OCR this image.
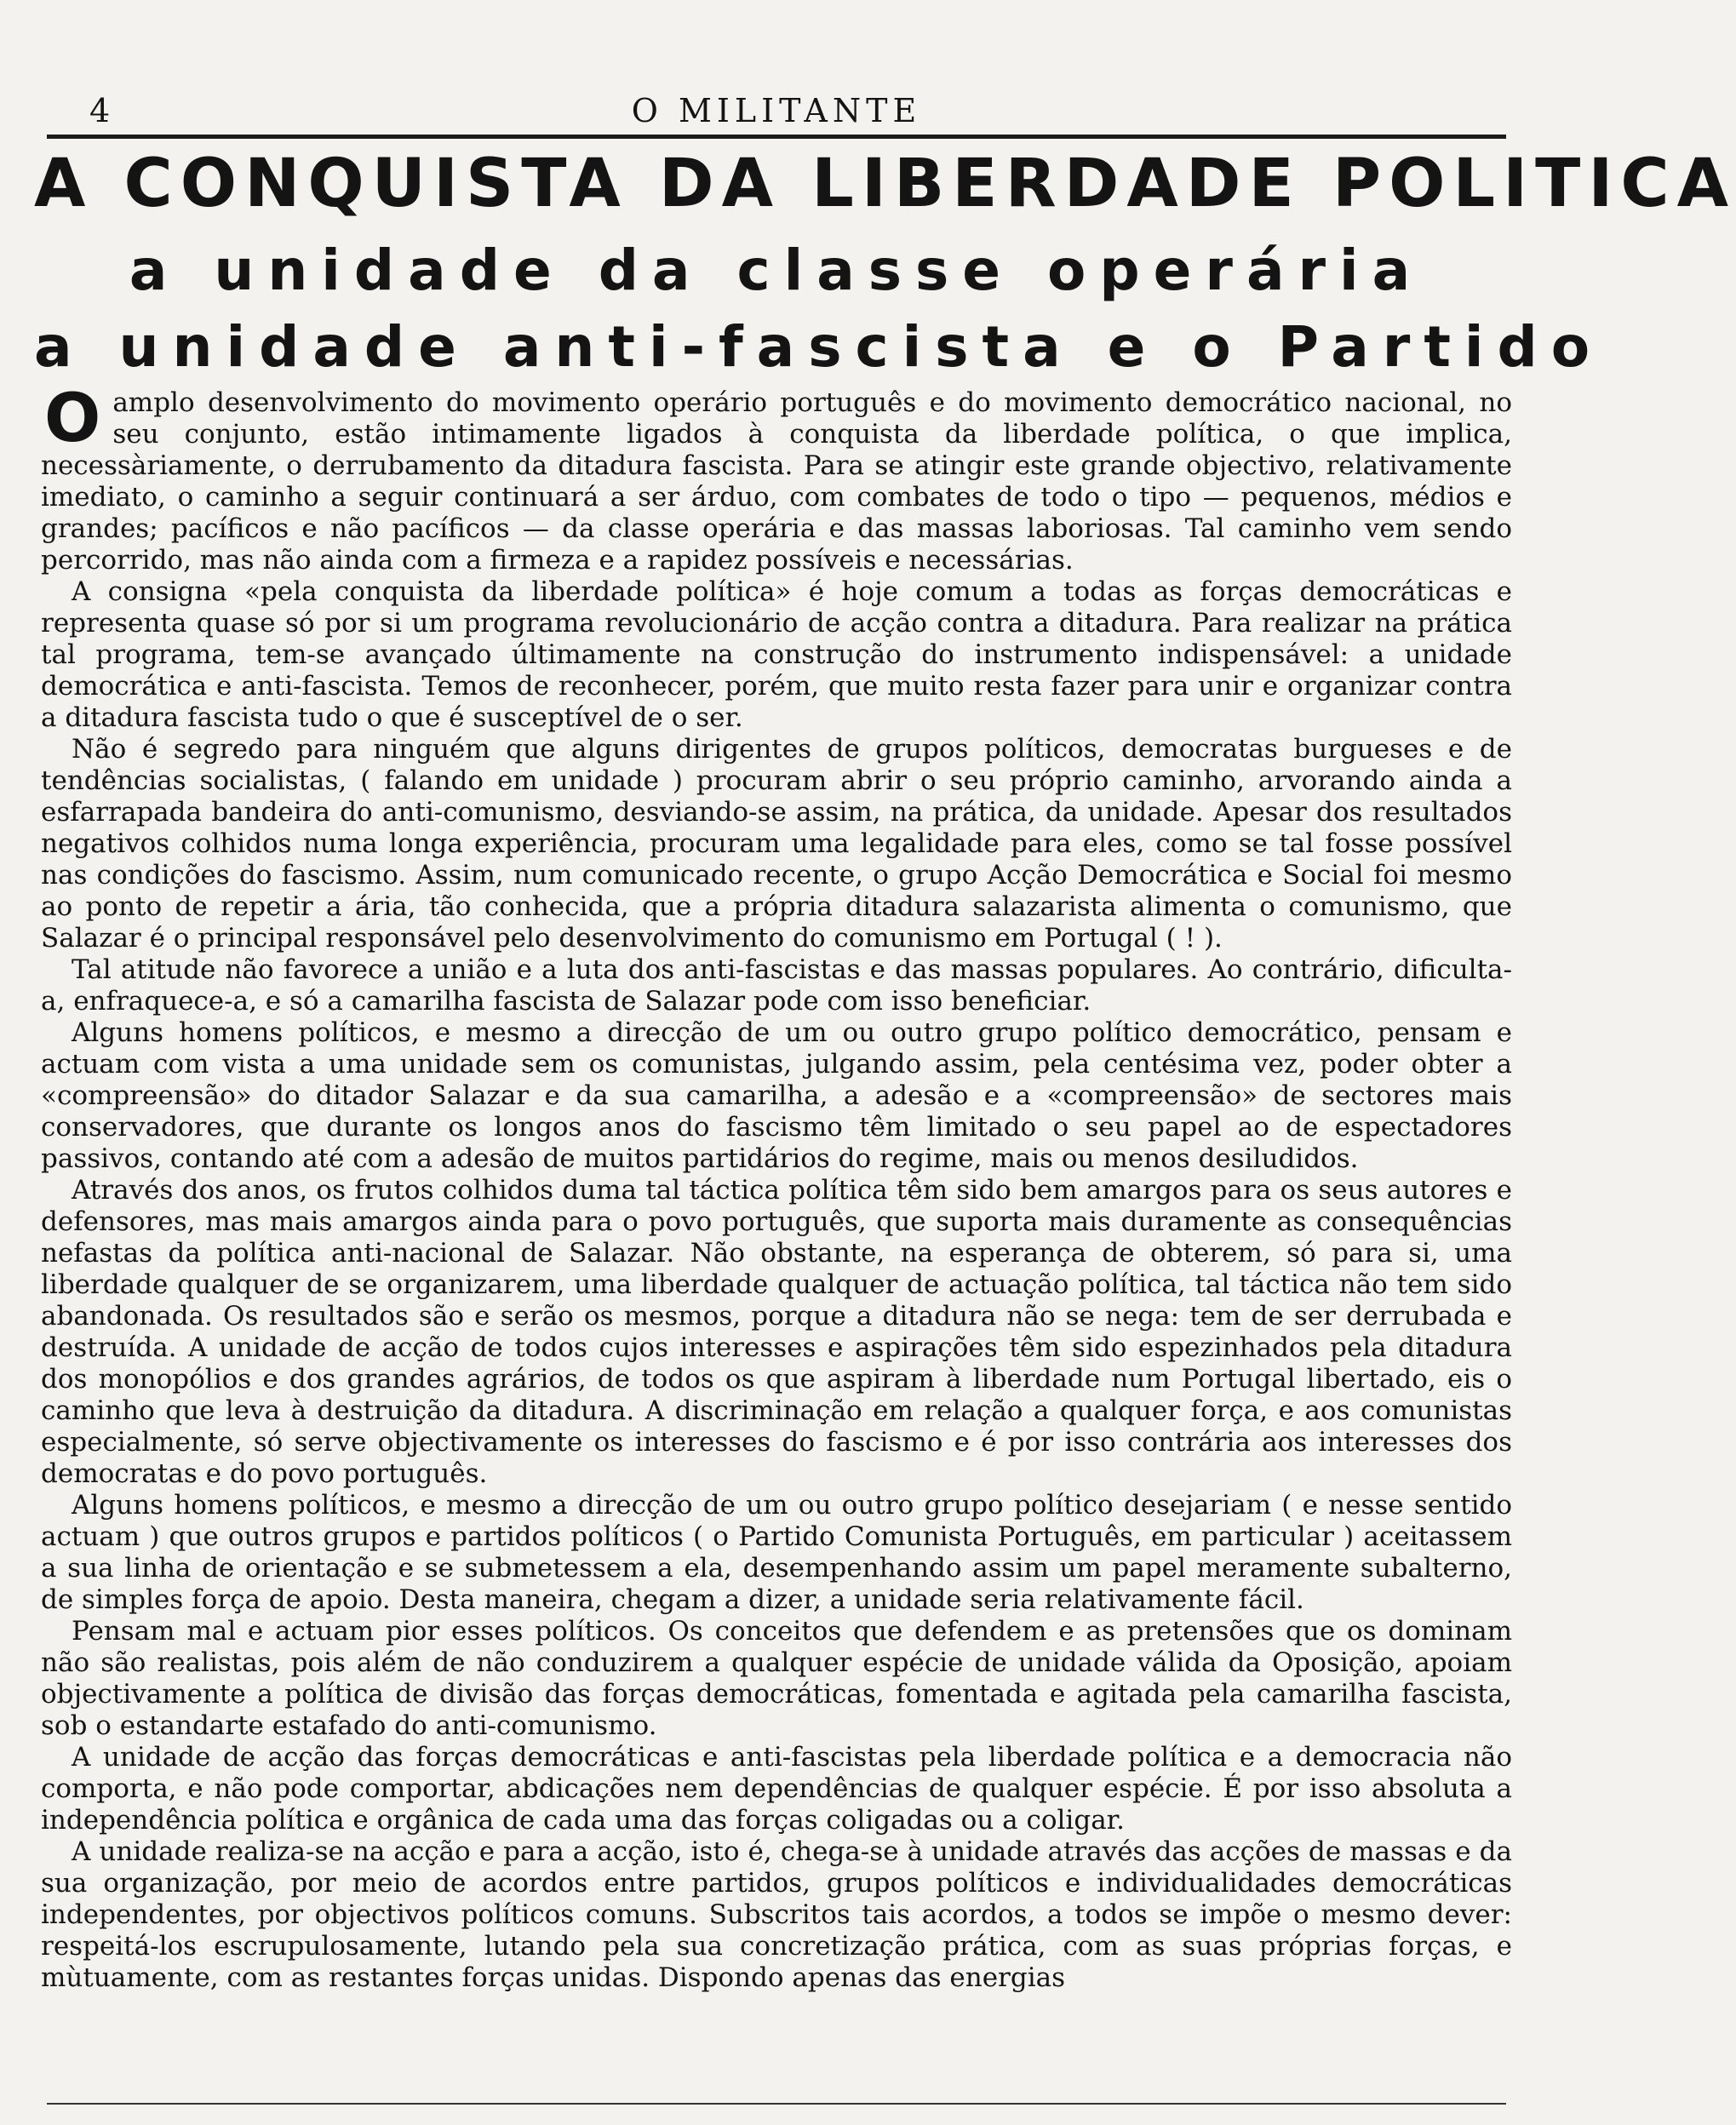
4	O MILITANTE
A CONQUISTA DA LIBERDADE POLITICA
a unidade da classe operária
a unidade anti-fascista e o Partido

Oamplo desenvolvimento do movimento operário português e do movimento democrático nacional, no seu conjunto, estão intimamente ligados à conquista da liberdade política, o que implica, necessàriamente, o derrubamento da ditadura fascista. Para se atingir este grande objectivo, relativamente imediato, o caminho a seguir continuará a ser árduo, com combates de todo o tipo — pequenos, médios e grandes; pacíficos e não pacíficos — da classe operária e das massas laboriosas. Tal caminho vem sendo percorrido, mas não ainda com a firmeza e a rapidez possíveis e necessárias.

A consigna «pela conquista da liberdade política» é hoje comum a todas as forças democráticas e representa quase só por si um programa revolucionário de acção contra a ditadura. Para realizar na prática tal programa, tem-se avançado últimamente na construção do instrumento indispensável: a unidade democrática e anti-fascista. Temos de reconhecer, porém, que muito resta fazer para unir e organizar contra a ditadura fascista tudo o que é susceptível de o ser.

Não é segredo para ninguém que alguns dirigentes de grupos políticos, democratas burgueses e de tendências socialistas, ( falando em unidade ) procuram abrir o seu próprio caminho, arvorando ainda a esfarrapada bandeira do anti-comunismo, desviando-se assim, na prática, da unidade. Apesar dos resultados negativos colhidos numa longa experiência, procuram uma legalidade para eles, como se tal fosse possível nas condições do fascismo. Assim, num comunicado recente, o grupo Acção Democrática e Social foi mesmo ao ponto de repetir a ária, tão conhecida, que a própria ditadura salazarista alimenta o comunismo, que Salazar é o principal responsável pelo desenvolvimento do comunismo em Portugal ( ! ).

Tal atitude não favorece a união e a luta dos anti-fascistas e das massas populares. Ao contrário, dificulta-a, enfraquece-a, e só a camarilha fascista de Salazar pode com isso beneficiar.

Alguns homens políticos, e mesmo a direcção de um ou outro grupo político democrático, pensam e actuam com vista a uma unidade sem os comunistas, julgando assim, pela centésima vez, poder obter a «compreensão» do ditador Salazar e da sua camarilha, a adesão e a «compreensão» de sectores mais conservadores, que durante os longos anos do fascismo têm limitado o seu papel ao de espectadores passivos, contando até com a adesão de muitos partidários do regime, mais ou menos desiludidos.

Através dos anos, os frutos colhidos duma tal táctica política têm sido bem amargos para os seus autores e defensores, mas mais amargos ainda para o povo português, que suporta mais duramente as consequências nefastas da política anti-nacional de Salazar. Não obstante, na esperança de obterem, só para si, uma liberdade qualquer de se organizarem, uma liberdade qualquer de actuação política, tal táctica não tem sido abandonada. Os resultados são e serão os mesmos, porque a ditadura não se nega: tem de ser derrubada e destruída. A unidade de acção de todos cujos interesses e aspirações têm sido espezinhados pela ditadura dos monopólios e dos grandes agrários, de todos os que aspiram à liberdade num Portugal libertado, eis o caminho que leva à destruição da ditadura. A discriminação em relação a qualquer força, e aos comunistas especialmente, só serve objectivamente os interesses do fascismo e é por isso contrária aos interesses dos democratas e do povo português.

Alguns homens políticos, e mesmo a direcção de um ou outro grupo político desejariam ( e nesse sentido actuam ) que outros grupos e partidos políticos ( o Partido Comunista Português, em particular ) aceitassem a sua linha de orientação e se submetessem a ela, desempenhando assim um papel meramente subalterno, de simples força de apoio. Desta maneira, chegam a dizer, a unidade seria relativamente fácil.

Pensam mal e actuam pior esses políticos. Os conceitos que defendem e as pretensões que os dominam não são realistas, pois além de não conduzirem a qualquer espécie de unidade válida da Oposição, apoiam objectivamente a política de divisão das forças democráticas, fomentada e agitada pela camarilha fascista, sob o estandarte estafado do anti-comunismo.

A unidade de acção das forças democráticas e anti-fascistas pela liberdade política e a democracia não comporta, e não pode comportar, abdicações nem dependências de qualquer espécie. É por isso absoluta a independência política e orgânica de cada uma das forças coligadas ou a coligar.

A unidade realiza-se na acção e para a acção, isto é, chega-se à unidade através das acções de massas e da sua organização, por meio de acordos entre partidos, grupos políticos e individualidades democráticas independentes, por objectivos políticos comuns. Subscritos tais acordos, a todos se impõe o mesmo dever: respeitá-los escrupulosamente, lutando pela sua concretização prática, com as suas próprias forças, e mùtuamente, com as restantes forças unidas. Dispondo apenas das energias
